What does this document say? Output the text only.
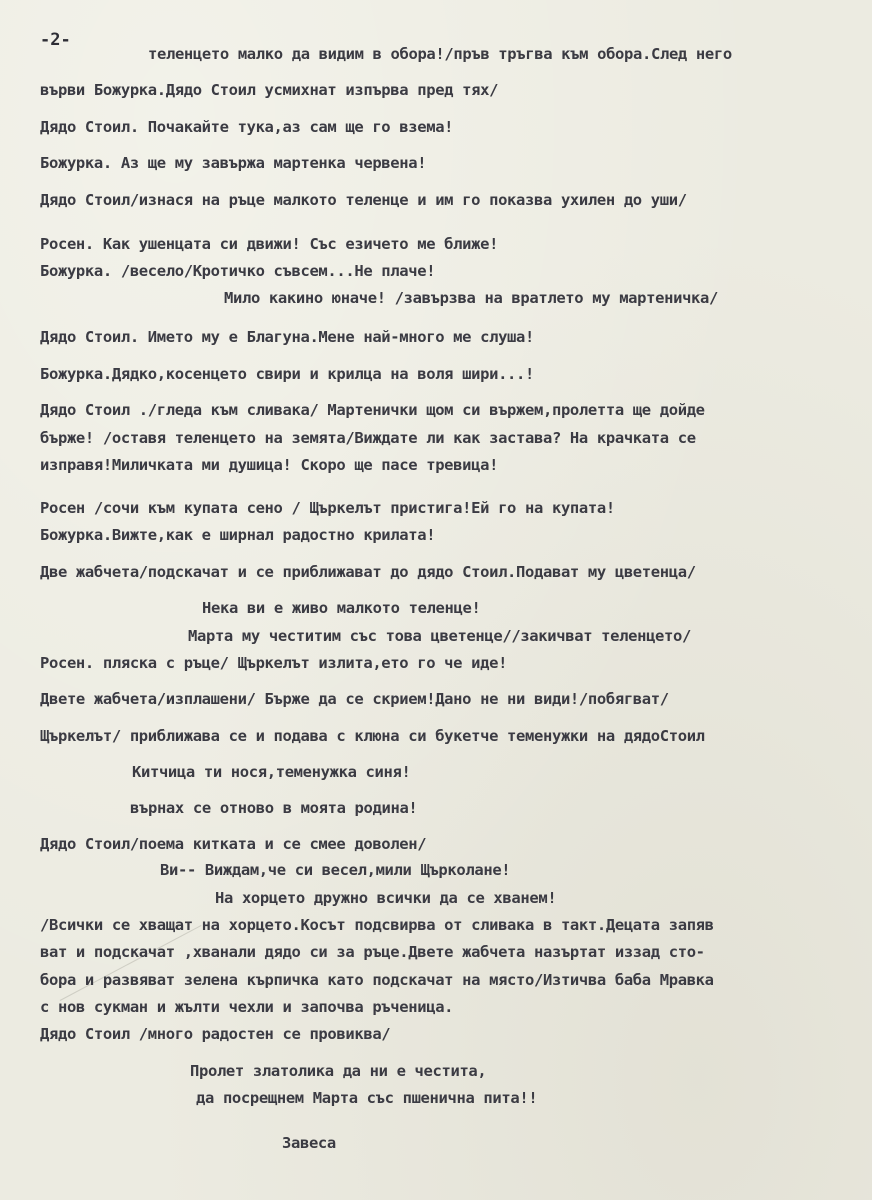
-2-
теленцето малко да видим в обора!/пръв тръгва към обора.След него
върви Божурка.Дядо Стоил усмихнат изпърва пред тях/
Дядо Стоил. Почакайте тука,аз сам ще го взема!
Божурка. Аз ще му завържа мартенка червена!
Дядо Стоил/изнася на ръце малкото теленце и им го показва ухилен до уши/
Росен. Как ушенцата си движи! Със езичето ме ближе!
Божурка. /весело/Кротичко съвсем...Не плаче!
Мило какино юначе! /завързва на вратлето му мартеничка/
Дядо Стоил. Името му е Благуна.Мене най-много ме слуша!
Божурка.Дядко,косенцето свири и крилца на воля шири...!
Дядо Стоил ./гледа към сливака/ Мартенички щом си вържем,пролетта ще дойде
бърже! /оставя теленцето на земята/Виждате ли как застава? На крачката се
изправя!Миличката ми душица! Скоро ще пасе тревица!
Росен /сочи към купата сено / Щъркелът пристига!Ей го на купата!
Божурка.Вижте,как е ширнал радостно крилата!
Две жабчета/подскачат и се приближават до дядо Стоил.Подават му цветенца/
Нека ви е живо малкото теленце!
Марта му честитим със това цветенце//закичват теленцето/
Росен. пляска с ръце/ Щъркелът излита,ето го че иде!
Двете жабчета/изплашени/ Бърже да се скрием!Дано не ни види!/побягват/
Щъркелът/ приближава се и подава с клюна си букетче теменужки на дядоСтоил
Китчица ти нося,теменужка синя!
върнах се отново в моята родина!
Дядо Стоил/поема китката и се смее доволен/
Ви-- Виждам,че си весел,мили Щърколане!
На хорцето дружно всички да се хванем!
/Всички се хващат на хорцето.Косът подсвирва от сливака в такт.Децата запяв
ват и подскачат ,хванали дядо си за ръце.Двете жабчета назъртат иззад сто-
бора и развяват зелена кърпичка като подскачат на място/Изтичва баба Мравка
с нов сукман и жълти чехли и започва ръченица.
Дядо Стоил /много радостен се провиква/
Пролет златолика да ни е честита,
да посрещнем Марта със пшенична пита!!
Завеса
